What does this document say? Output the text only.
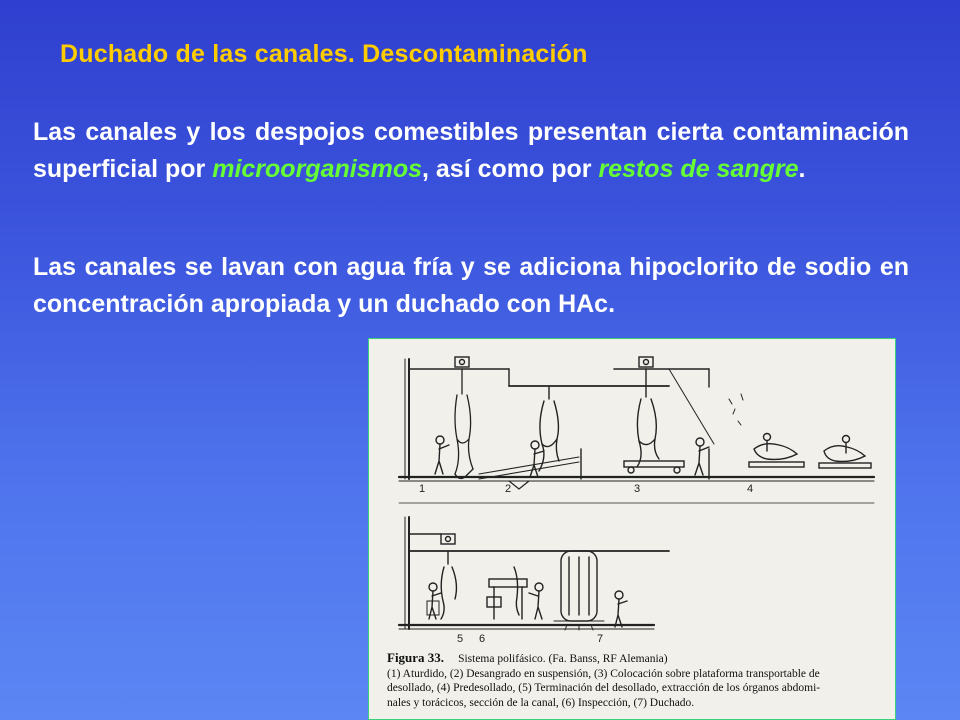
Duchado de las canales. Descontaminación
Las canales y los despojos comestibles presentan cierta contaminación superficial por microorganismos, así como por restos de sangre.
Las canales se lavan con agua fría y se adiciona hipoclorito de sodio en concentración apropiada y un duchado con HAc.
1	2	3	4
5 6	7
Figura 33. Sistema polifásico. (Fa. Banss, RF Alemania)
(1) Aturdido, (2) Desangrado en suspensión, (3) Colocación sobre plataforma transportable de
desollado, (4) Predesollado, (5) Terminación del desollado, extracción de los órganos abdomi-
nales y torácicos, sección de la canal, (6) Inspección, (7) Duchado.
